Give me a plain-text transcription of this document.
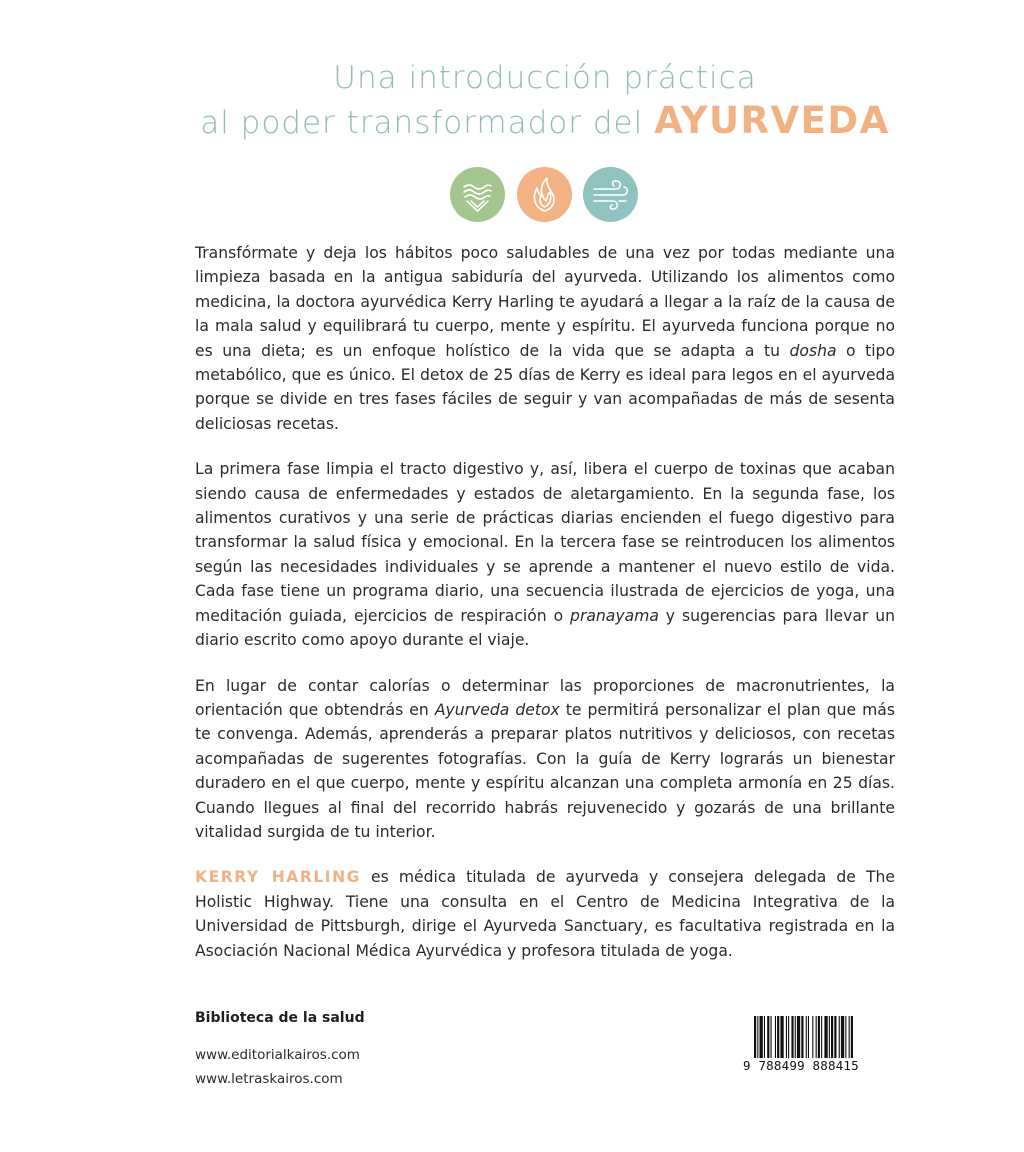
Una introducción práctica
al poder transformador del AYURVEDA

Transfórmate y deja los hábitos poco saludables de una vez por todas mediante una limpieza basada en la antigua sabiduría del ayurveda. Utilizando los alimentos como medicina, la doctora ayurvédica Kerry Harling te ayudará a llegar a la raíz de la causa de la mala salud y equilibrará tu cuerpo, mente y espíritu. El ayurveda funciona porque no es una dieta; es un enfoque holístico de la vida que se adapta a tu dosha o tipo metabólico, que es único. El detox de 25 días de Kerry es ideal para legos en el ayurveda porque se divide en tres fases fáciles de seguir y van acompañadas de más de sesenta deliciosas recetas.

La primera fase limpia el tracto digestivo y, así, libera el cuerpo de toxinas que acaban siendo causa de enfermedades y estados de aletargamiento. En la segunda fase, los alimentos curativos y una serie de prácticas diarias encienden el fuego digestivo para transformar la salud física y emocional. En la tercera fase se reintroducen los alimentos según las necesidades individuales y se aprende a mantener el nuevo estilo de vida. Cada fase tiene un programa diario, una secuencia ilustrada de ejercicios de yoga, una meditación guiada, ejercicios de respiración o pranayama y sugerencias para llevar un diario escrito como apoyo durante el viaje.

En lugar de contar calorías o determinar las proporciones de macronutrientes, la orientación que obtendrás en Ayurveda detox te permitirá personalizar el plan que más te convenga. Además, aprenderás a preparar platos nutritivos y deliciosos, con recetas acompañadas de sugerentes fotografías. Con la guía de Kerry lograrás un bienestar duradero en el que cuerpo, mente y espíritu alcanzan una completa armonía en 25 días. Cuando llegues al final del recorrido habrás rejuvenecido y gozarás de una brillante vitalidad surgida de tu interior.

KERRY HARLING es médica titulada de ayurveda y consejera delegada de The Holistic Highway. Tiene una consulta en el Centro de Medicina Integrativa de la Universidad de Pittsburgh, dirige el Ayurveda Sanctuary, es facultativa registrada en la Asociación Nacional Médica Ayurvédica y profesora titulada de yoga.

Biblioteca de la salud
www.editorialkairos.com
www.letraskairos.com
9 788499 888415
